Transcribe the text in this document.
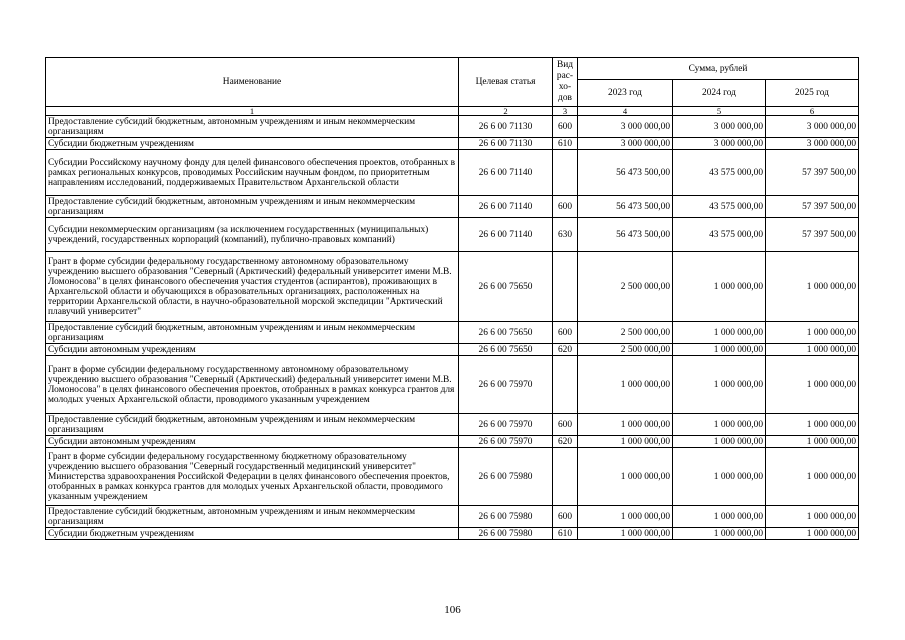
Наименование	Целевая статья	Вид рас-хо-дов	Сумма, рублей		
			2023 год	2024 год	2025 год
1	2	3	4	5	6
Предоставление субсидий бюджетным, автономным учреждениям и иным некоммерческим организациям	26 6 00 71130	600	3 000 000,00	3 000 000,00	3 000 000,00
Субсидии бюджетным учреждениям	26 6 00 71130	610	3 000 000,00	3 000 000,00	3 000 000,00
Субсидии Российскому научному фонду для целей финансового обеспечения проектов, отобранных в рамках региональных конкурсов, проводимых Российским научным фондом, по приоритетным направлениям исследований, поддерживаемых Правительством Архангельской области	26 6 00 71140		56 473 500,00	43 575 000,00	57 397 500,00
Предоставление субсидий бюджетным, автономным учреждениям и иным некоммерческим организациям	26 6 00 71140	600	56 473 500,00	43 575 000,00	57 397 500,00
Субсидии некоммерческим организациям (за исключением государственных (муниципальных) учреждений, государственных корпораций (компаний), публично-правовых компаний)	26 6 00 71140	630	56 473 500,00	43 575 000,00	57 397 500,00
Грант в форме субсидии федеральному государственному автономному образовательному учреждению высшего образования "Северный (Арктический) федеральный университет имени М.В. Ломоносова" в целях финансового обеспечения участия студентов (аспирантов), проживающих в Архангельской области и обучающихся в образовательных организациях, расположенных на территории Архангельской области, в научно-образовательной морской экспедиции "Арктический плавучий университет"	26 6 00 75650		2 500 000,00	1 000 000,00	1 000 000,00
Предоставление субсидий бюджетным, автономным учреждениям и иным некоммерческим организациям	26 6 00 75650	600	2 500 000,00	1 000 000,00	1 000 000,00
Субсидии автономным учреждениям	26 6 00 75650	620	2 500 000,00	1 000 000,00	1 000 000,00
Грант в форме субсидии федеральному государственному автономному образовательному учреждению высшего образования "Северный (Арктический) федеральный университет имени М.В. Ломоносова" в целях финансового обеспечения проектов, отобранных в рамках конкурса грантов для молодых ученых Архангельской области, проводимого указанным учреждением	26 6 00 75970		1 000 000,00	1 000 000,00	1 000 000,00
Предоставление субсидий бюджетным, автономным учреждениям и иным некоммерческим организациям	26 6 00 75970	600	1 000 000,00	1 000 000,00	1 000 000,00
Субсидии автономным учреждениям	26 6 00 75970	620	1 000 000,00	1 000 000,00	1 000 000,00
Грант в форме субсидии федеральному государственному бюджетному образовательному учреждению высшего образования "Северный государственный медицинский университет" Министерства здравоохранения Российской Федерации в целях финансового обеспечения проектов, отобранных в рамках конкурса грантов для молодых ученых Архангельской области, проводимого указанным учреждением	26 6 00 75980		1 000 000,00	1 000 000,00	1 000 000,00
Предоставление субсидий бюджетным, автономным учреждениям и иным некоммерческим организациям	26 6 00 75980	600	1 000 000,00	1 000 000,00	1 000 000,00
Субсидии бюджетным учреждениям	26 6 00 75980	610	1 000 000,00	1 000 000,00	1 000 000,00
106
